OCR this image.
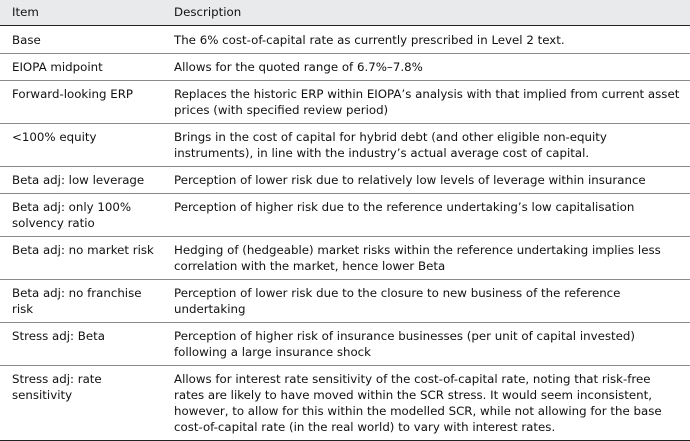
Item	Description
Base	The 6% cost-of-capital rate as currently prescribed in Level 2 text.
EIOPA midpoint	Allows for the quoted range of 6.7%–7.8%
Forward-looking ERP	Replaces the historic ERP within EIOPA’s analysis with that implied from current asset prices (with specified review period)
<100% equity	Brings in the cost of capital for hybrid debt (and other eligible non-equity instruments), in line with the industry’s actual average cost of capital.
Beta adj: low leverage	Perception of lower risk due to relatively low levels of leverage within insurance
Beta adj: only 100% solvency ratio	Perception of higher risk due to the reference undertaking’s low capitalisation
Beta adj: no market risk	Hedging of (hedgeable) market risks within the reference undertaking implies less correlation with the market, hence lower Beta
Beta adj: no franchise risk	Perception of lower risk due to the closure to new business of the reference undertaking
Stress adj: Beta	Perception of higher risk of insurance businesses (per unit of capital invested) following a large insurance shock
Stress adj: rate sensitivity	Allows for interest rate sensitivity of the cost-of-capital rate, noting that risk-free rates are likely to have moved within the SCR stress. It would seem inconsistent, however, to allow for this within the modelled SCR, while not allowing for the base cost-of-capital rate (in the real world) to vary with interest rates.
